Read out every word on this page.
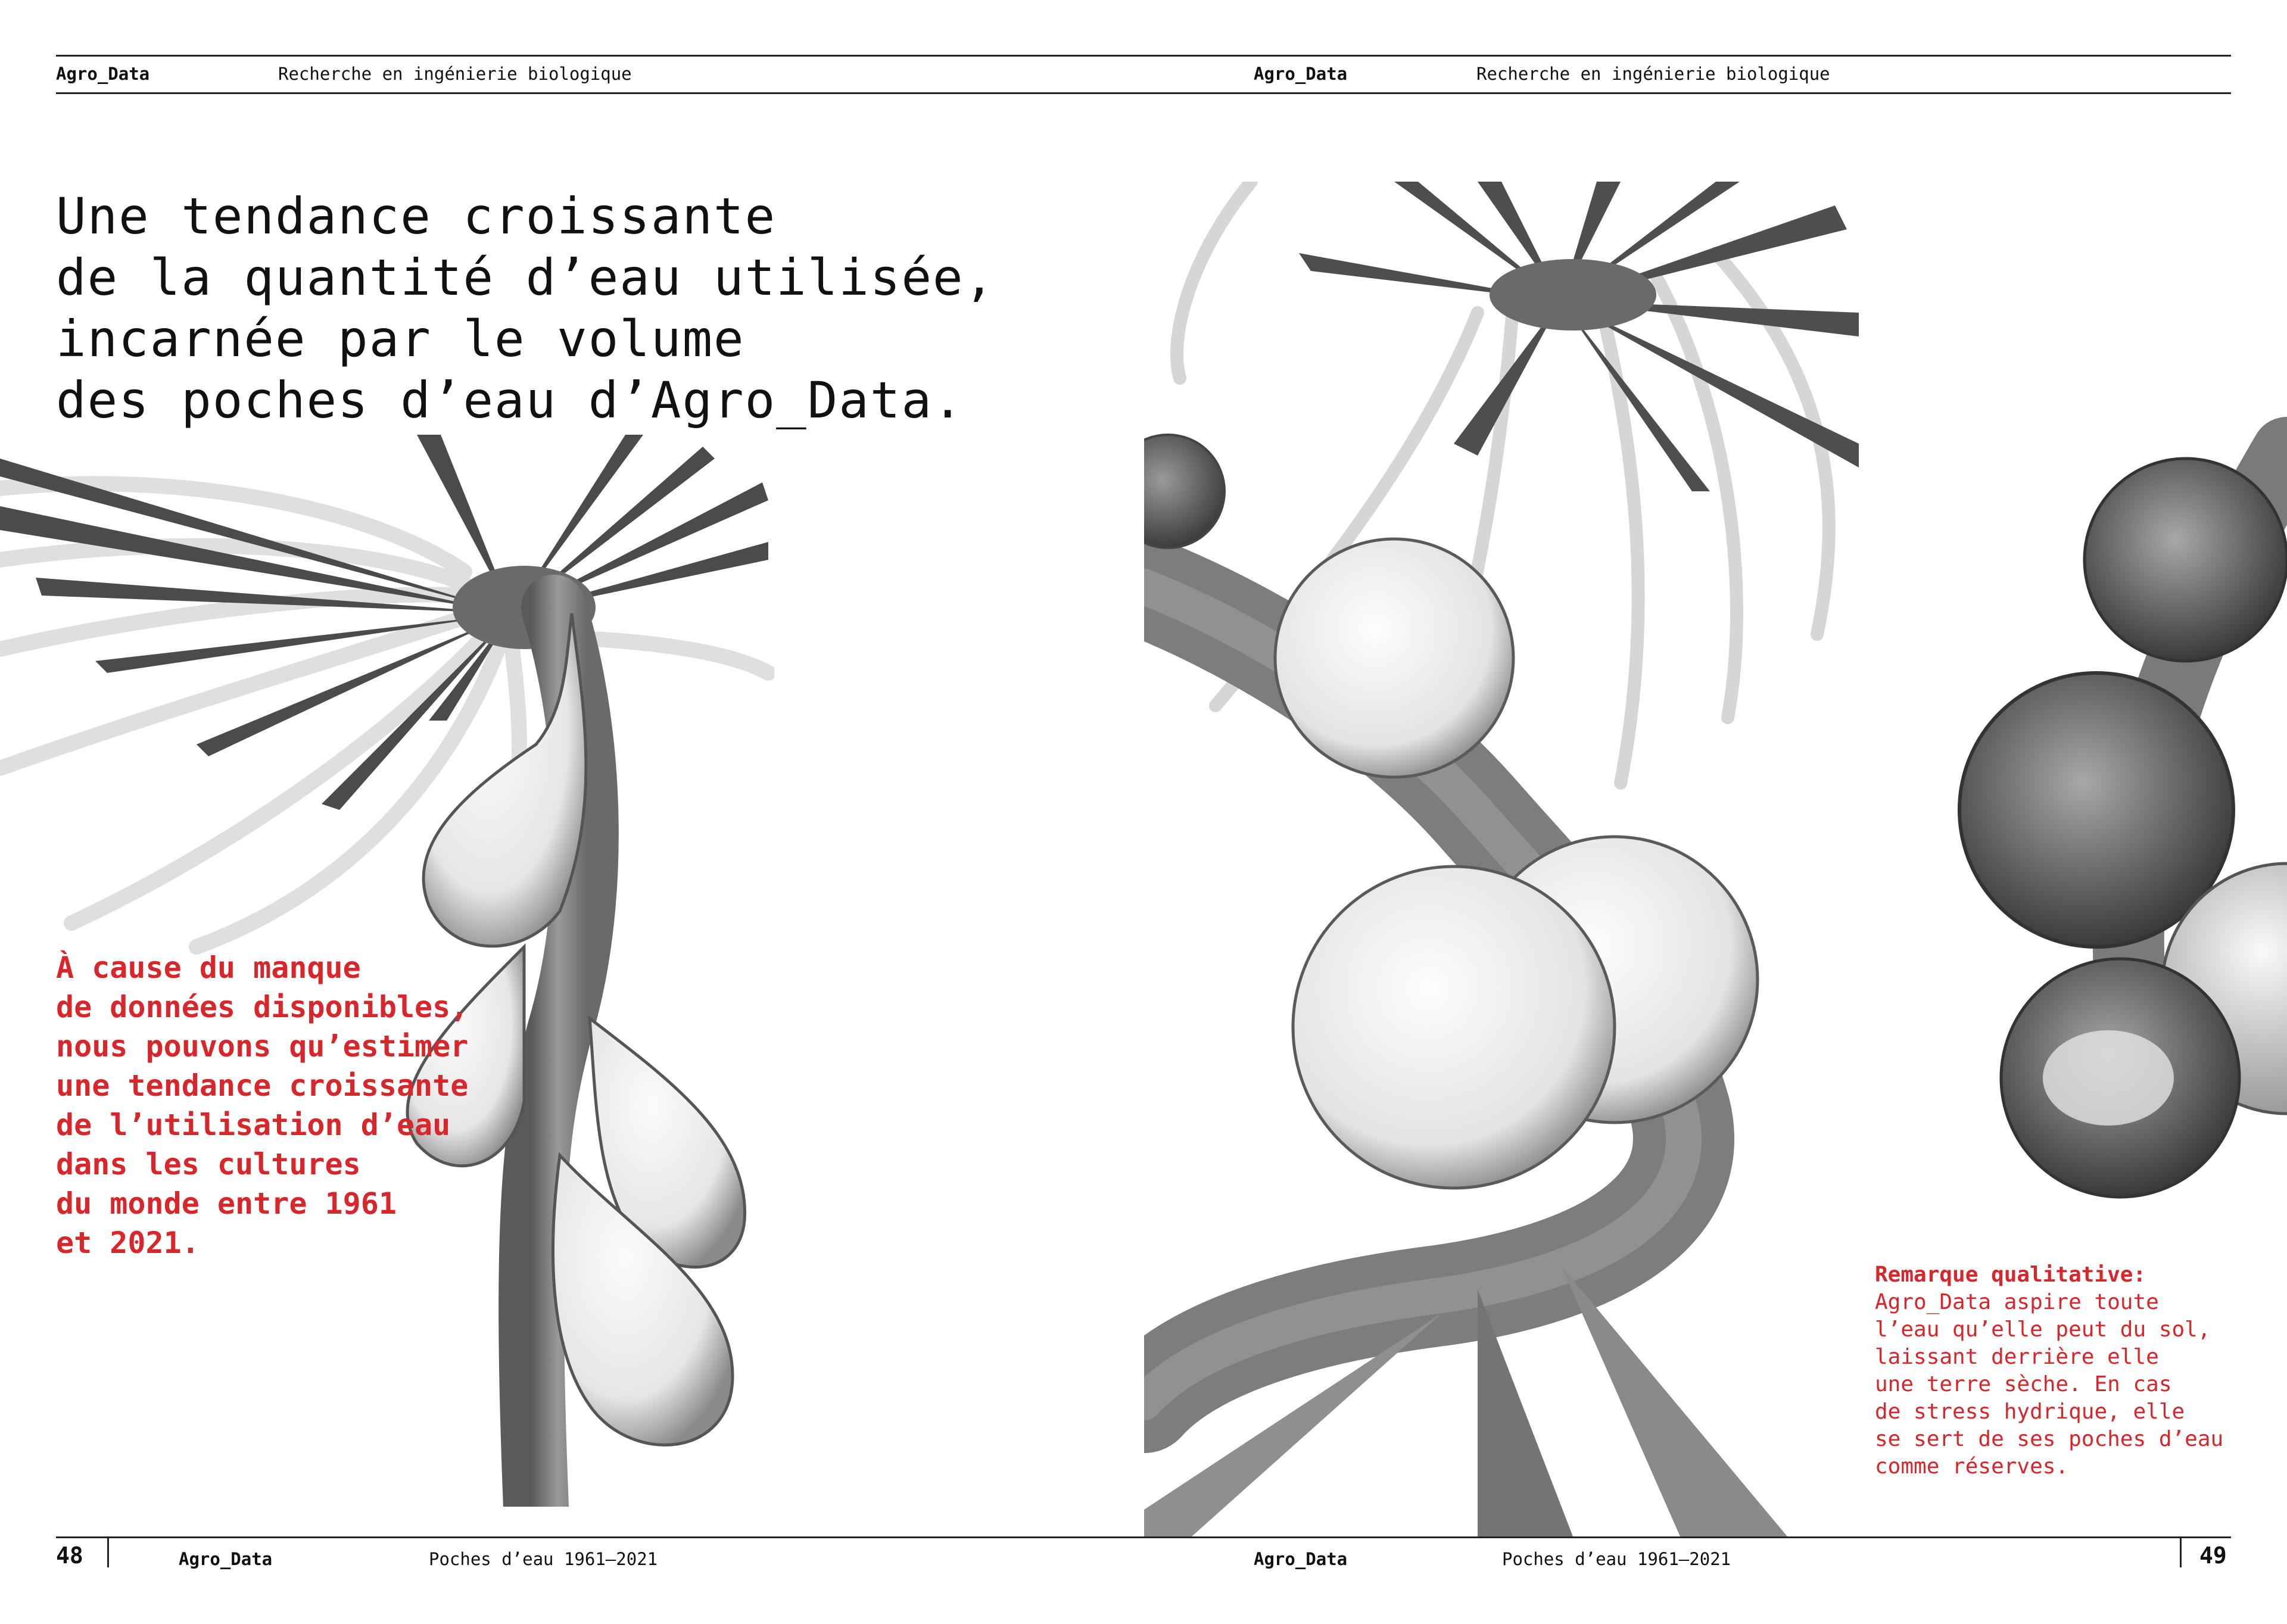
Agro_Data	Recherche en ingénierie biologique	Agro_Data	Recherche en ingénierie biologique
Une tendance croissante
de la quantité d’eau utilisée,
incarnée par le volume
des poches d’eau d’Agro_Data.
À cause du manque
de données disponibles,
nous pouvons qu’estimer
une tendance croissante
de l’utilisation d’eau
dans les cultures
du monde entre 1961
et 2021.
Remarque qualitative:
Agro_Data aspire toute
l’eau qu’elle peut du sol,
laissant derrière elle
une terre sèche. En cas
de stress hydrique, elle
se sert de ses poches d’eau
comme réserves.
48	Agro_Data	Poches d’eau 1961–2021	Agro_Data	Poches d’eau 1961–2021	49
